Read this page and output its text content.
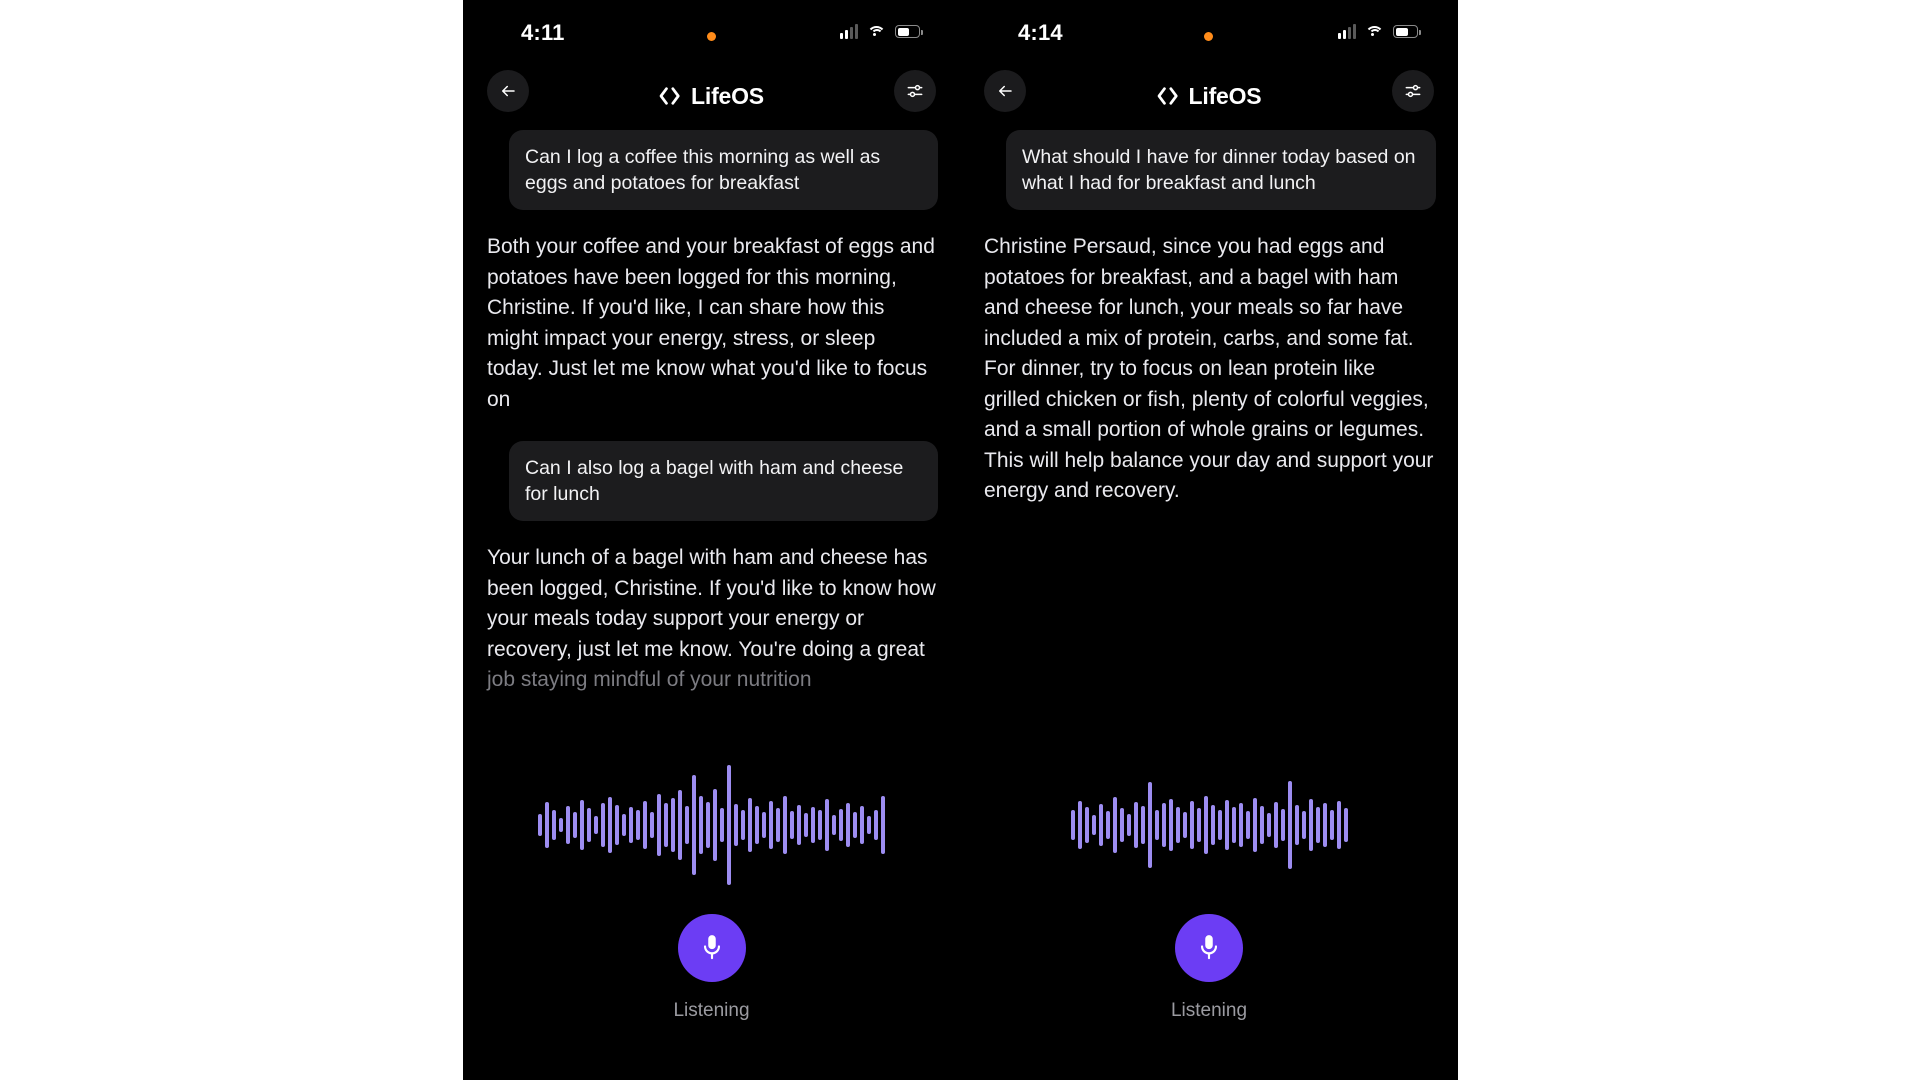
4:11
LifeOS
Can I log a coffee this morning as well as eggs and potatoes for breakfast
Both your coffee and your breakfast of eggs and potatoes have been logged for this morning, Christine. If you'd like, I can share how this might impact your energy, stress, or sleep today. Just let me know what you'd like to focus on
Can I also log a bagel with ham and cheese for lunch
Your lunch of a bagel with ham and cheese has been logged, Christine. If you'd like to know how your meals today support your energy or recovery, just let me know. You're doing a great job staying mindful of your nutrition
Listening
4:14
LifeOS
What should I have for dinner today based on what I had for breakfast and lunch
Christine Persaud, since you had eggs and potatoes for breakfast, and a bagel with ham and cheese for lunch, your meals so far have included a mix of protein, carbs, and some fat. For dinner, try to focus on lean protein like grilled chicken or fish, plenty of colorful veggies, and a small portion of whole grains or legumes. This will help balance your day and support your energy and recovery.
Listening
